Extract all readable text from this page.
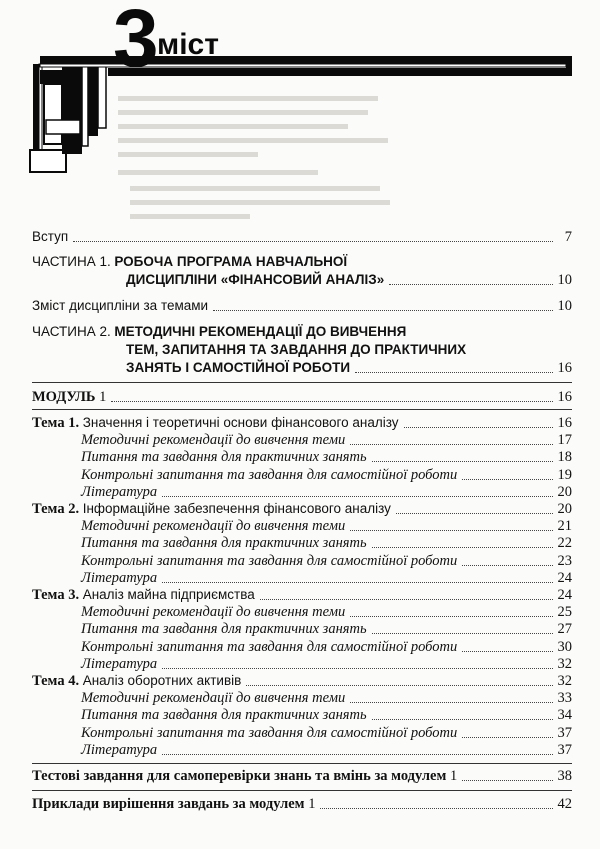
3
міст
Вступ	7
ЧАСТИНА 1. РОБОЧА ПРОГРАМА НАВЧАЛЬНОЇ
ДИСЦИПЛІНИ «ФІНАНСОВИЙ АНАЛІЗ»	10
Зміст дисципліни за темами	10
ЧАСТИНА 2. МЕТОДИЧНІ РЕКОМЕНДАЦІЇ ДО ВИВЧЕННЯ
ТЕМ, ЗАПИТАННЯ ТА ЗАВДАННЯ ДО ПРАКТИЧНИХ
ЗАНЯТЬ І САМОСТІЙНОЇ РОБОТИ	16
МОДУЛЬ 1	16
Тема 1. Значення і теоретичні основи фінансового аналізу	16
Методичні рекомендації до вивчення теми	17
Питання та завдання для практичних занять	18
Контрольні запитання та завдання для самостійної роботи	19
Література	20
Тема 2. Інформаційне забезпечення фінансового аналізу	20
Методичні рекомендації до вивчення теми	21
Питання та завдання для практичних занять	22
Контрольні запитання та завдання для самостійної роботи	23
Література	24
Тема 3. Аналіз майна підприємства	24
Методичні рекомендації до вивчення теми	25
Питання та завдання для практичних занять	27
Контрольні запитання та завдання для самостійної роботи	30
Література	32
Тема 4. Аналіз оборотних активів	32
Методичні рекомендації до вивчення теми	33
Питання та завдання для практичних занять	34
Контрольні запитання та завдання для самостійної роботи	37
Література	37
Тестові завдання для самоперевірки знань та вмінь за модулем 1	38
Приклади вирішення завдань за модулем 1	42
